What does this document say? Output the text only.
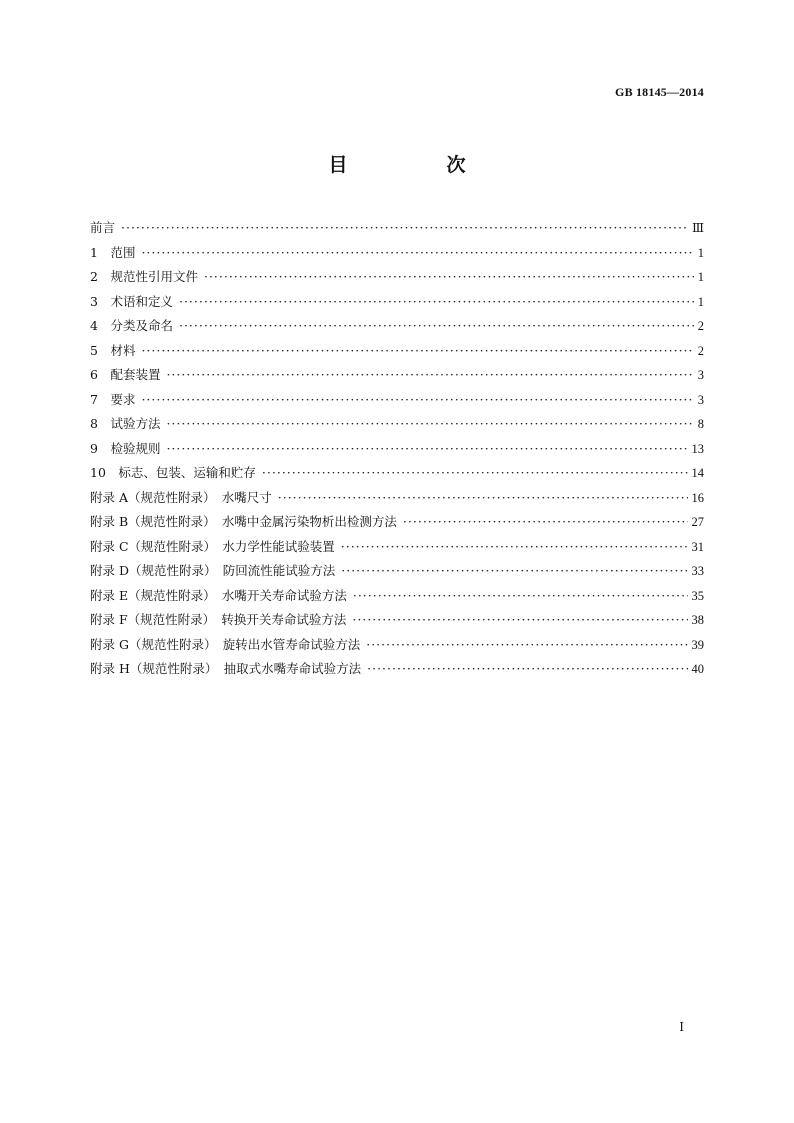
GB 18145—2014
目　次
前言 ·····	Ⅲ
1　范围 ·····	1
2　规范性引用文件 ·····	1
3　术语和定义 ·····	1
4　分类及命名 ·····	2
5　材料 ·····	2
6　配套装置 ·····	3
7　要求 ·····	3
8　试验方法 ·····	8
9　检验规则 ·····	13
10　标志、包装、运输和贮存 ·····	14
附录 A（规范性附录）　水嘴尺寸 ·····	16
附录 B（规范性附录）　水嘴中金属污染物析出检测方法 ·····	27
附录 C（规范性附录）　水力学性能试验装置 ·····	31
附录 D（规范性附录）　防回流性能试验方法 ·····	33
附录 E（规范性附录）　水嘴开关寿命试验方法 ·····	35
附录 F（规范性附录）　转换开关寿命试验方法 ·····	38
附录 G（规范性附录）　旋转出水管寿命试验方法 ·····	39
附录 H（规范性附录）　抽取式水嘴寿命试验方法 ·····	40
Ⅰ
